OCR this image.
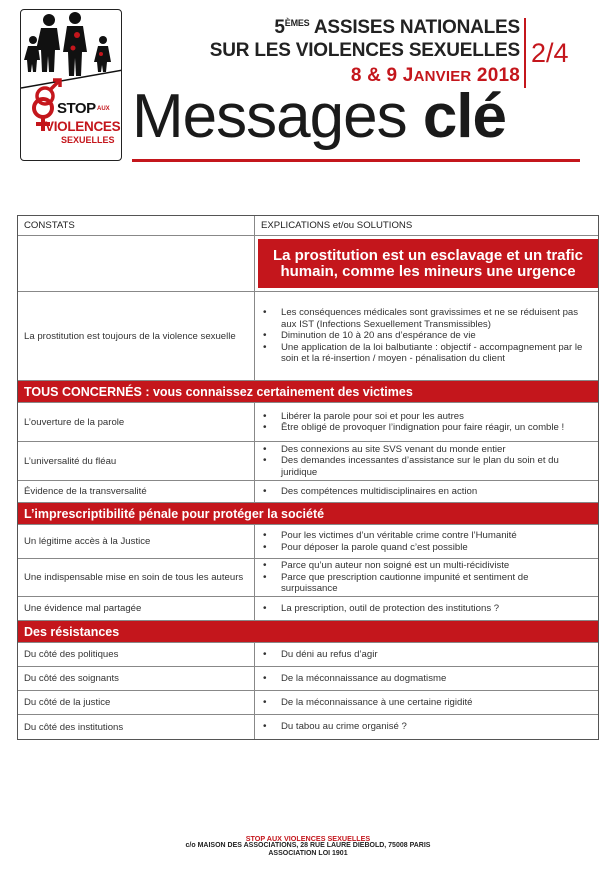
STOP AUX
VIOLENCES
SEXUELLES
5ÈMES ASSISES NATIONALES
SUR LES VIOLENCES SEXUELLES
8 & 9 JANVIER 2018
2/4
Messages clé
CONSTATS	EXPLICATIONS et/ou SOLUTIONS
La prostitution est un esclavage et un trafic humain, comme les mineurs une urgence
La prostitution est toujours de la violence sexuelle
• Les conséquences médicales sont gravissimes et ne se réduisent pas aux IST (Infections Sexuellement Transmissibles)
• Diminution de 10 à 20 ans d’espérance de vie
• Une application de la loi balbutiante : objectif - accompagnement par le soin et la ré-insertion / moyen - pénalisation du client
TOUS CONCERNÉS : vous connaissez certainement des victimes
L’ouverture de la parole
• Libérer la parole pour soi et pour les autres
• Être obligé de provoquer l’indignation pour faire réagir, un comble !
L’universalité du fléau
• Des connexions au site SVS venant du monde entier
• Des demandes incessantes d’assistance sur le plan du soin et du juridique
Évidence de la transversalité	• Des compétences multidisciplinaires en action
L’imprescriptibilité pénale pour protéger la société
Un légitime accès à la Justice
• Pour les victimes d’un véritable crime contre l’Humanité
• Pour déposer la parole quand c’est possible
Une indispensable mise en soin de tous les auteurs
• Parce qu’un auteur non soigné est un multi-récidiviste
• Parce que prescription cautionne impunité et sentiment de surpuissance
Une évidence mal partagée	• La prescription, outil de protection des institutions ?
Des résistances
Du côté des politiques	• Du déni au refus d’agir
Du côté des soignants	• De la méconnaissance au dogmatisme
Du côté de la justice	• De la méconnaissance à une certaine rigidité
Du côté des institutions	• Du tabou au crime organisé ?
STOP AUX VIOLENCES SEXUELLES
c/o MAISON DES ASSOCIATIONS, 28 RUE LAURE DIEBOLD, 75008 PARIS
ASSOCIATION LOI 1901
